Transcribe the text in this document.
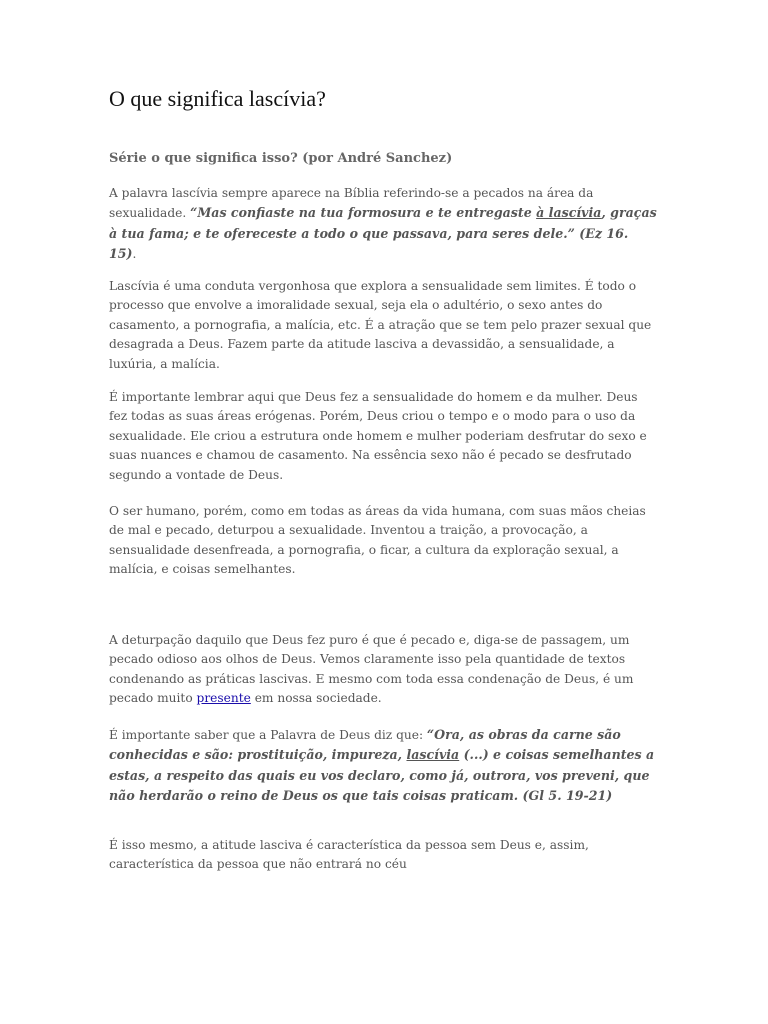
O que significa lascívia?

Série o que significa isso? (por André Sanchez)

A palavra lascívia sempre aparece na Bíblia referindo-se a pecados na área da sexualidade. “Mas confiaste na tua formosura e te entregaste à lascívia, graças à tua fama; e te ofereceste a todo o que passava, para seres dele.” (Ez 16. 15).

Lascívia é uma conduta vergonhosa que explora a sensualidade sem limites. É todo o processo que envolve a imoralidade sexual, seja ela o adultério, o sexo antes do casamento, a pornografia, a malícia, etc. É a atração que se tem pelo prazer sexual que desagrada a Deus. Fazem parte da atitude lasciva a devassidão, a sensualidade, a luxúria, a malícia.

É importante lembrar aqui que Deus fez a sensualidade do homem e da mulher. Deus fez todas as suas áreas erógenas. Porém, Deus criou o tempo e o modo para o uso da sexualidade. Ele criou a estrutura onde homem e mulher poderiam desfrutar do sexo e suas nuances e chamou de casamento. Na essência sexo não é pecado se desfrutado segundo a vontade de Deus.

O ser humano, porém, como em todas as áreas da vida humana, com suas mãos cheias de mal e pecado, deturpou a sexualidade. Inventou a traição, a provocação, a sensualidade desenfreada, a pornografia, o ficar, a cultura da exploração sexual, a malícia, e coisas semelhantes.

A deturpação daquilo que Deus fez puro é que é pecado e, diga-se de passagem, um pecado odioso aos olhos de Deus. Vemos claramente isso pela quantidade de textos condenando as práticas lascivas. E mesmo com toda essa condenação de Deus, é um pecado muito presente em nossa sociedade.

É importante saber que a Palavra de Deus diz que: “Ora, as obras da carne são conhecidas e são: prostituição, impureza, lascívia (...) e coisas semelhantes a estas, a respeito das quais eu vos declaro, como já, outrora, vos preveni, que não herdarão o reino de Deus os que tais coisas praticam. (Gl 5. 19-21)

É isso mesmo, a atitude lasciva é característica da pessoa sem Deus e, assim, característica da pessoa que não entrará no céu
